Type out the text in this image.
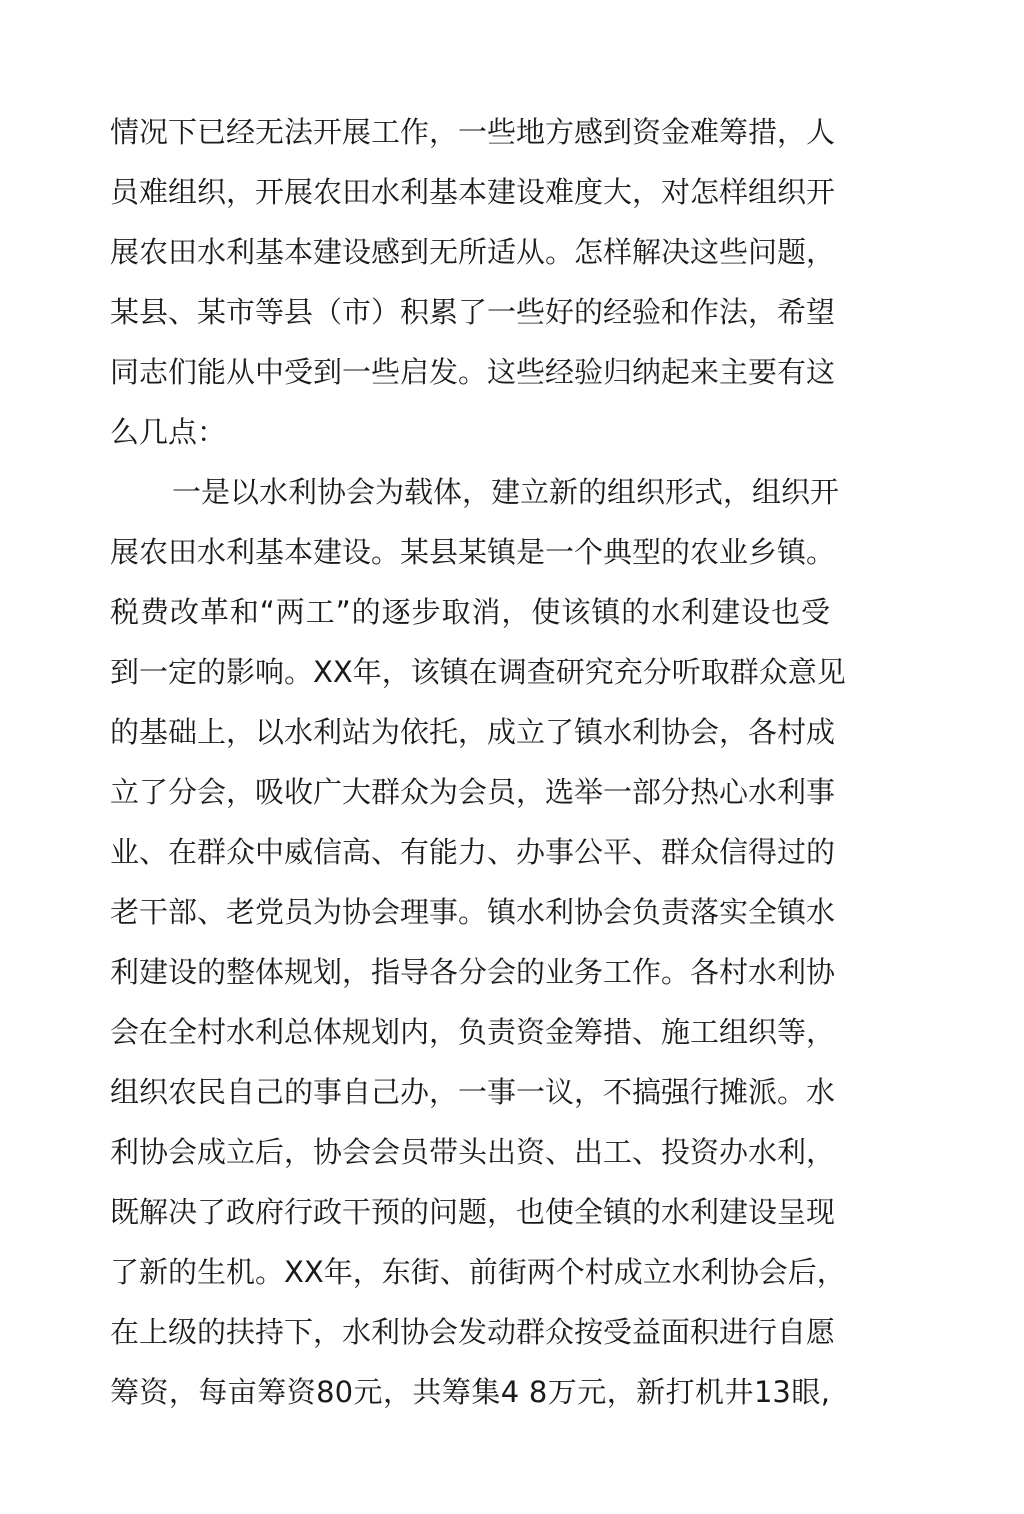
情况下已经无法开展工作，一些地方感到资金难筹措，人
员难组织，开展农田水利基本建设难度大，对怎样组织开
展农田水利基本建设感到无所适从。怎样解决这些问题，
某县、某市等县（市）积累了一些好的经验和作法，希望
同志们能从中受到一些启发。这些经验归纳起来主要有这
么几点：
一是以水利协会为载体，建立新的组织形式，组织开
展农田水利基本建设。某县某镇是一个典型的农业乡镇。
税费改革和“两工”的逐步取消，使该镇的水利建设也受
到一定的影响。XX年，该镇在调查研究充分听取群众意见
的基础上，以水利站为依托，成立了镇水利协会，各村成
立了分会，吸收广大群众为会员，选举一部分热心水利事
业、在群众中威信高、有能力、办事公平、群众信得过的
老干部、老党员为协会理事。镇水利协会负责落实全镇水
利建设的整体规划，指导各分会的业务工作。各村水利协
会在全村水利总体规划内，负责资金筹措、施工组织等，
组织农民自己的事自己办，一事一议，不搞强行摊派。水
利协会成立后，协会会员带头出资、出工、投资办水利，
既解决了政府行政干预的问题，也使全镇的水利建设呈现
了新的生机。XX年，东街、前街两个村成立水利协会后，
在上级的扶持下，水利协会发动群众按受益面积进行自愿
筹资，每亩筹资80元，共筹集4 8万元，新打机井13眼,
